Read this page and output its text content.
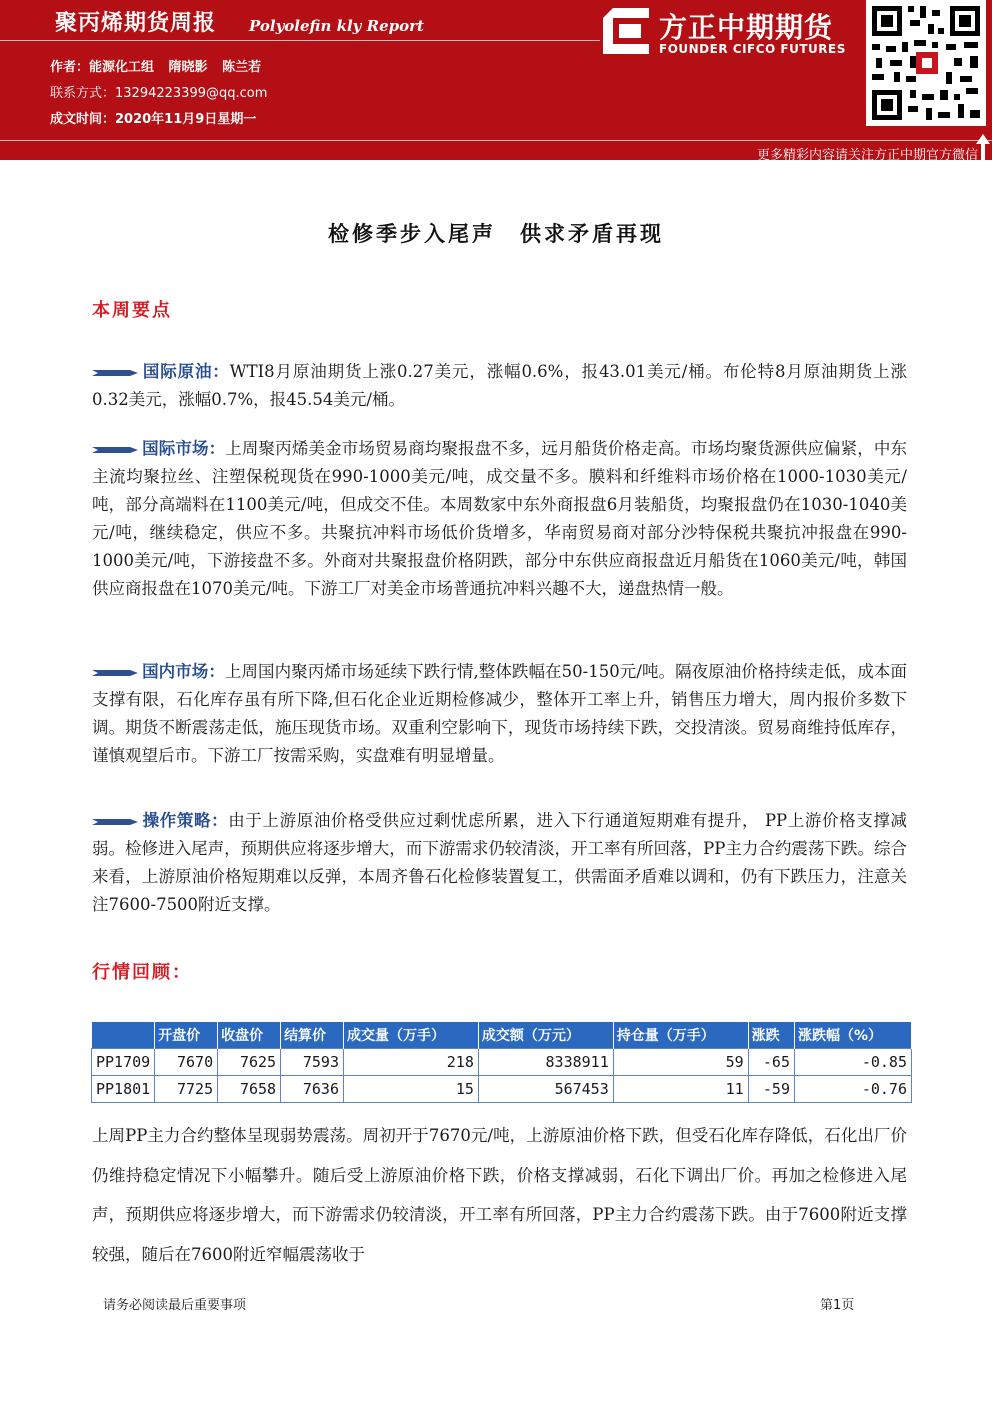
聚丙烯期货周报 Polyolefin kly Report
作者：能源化工组 隋晓影 陈兰若
联系方式：13294223399@qq.com
成文时间：2020年11月9日星期一
方正中期期货
FOUNDER CIFCO FUTURES
更多精彩内容请关注方正中期官方微信
检修季步入尾声　供求矛盾再现
本周要点
国际原油：WTI8月原油期货上涨0.27美元，涨幅0.6%，报43.01美元/桶。布伦特8月原油期货上涨0.32美元，涨幅0.7%，报45.54美元/桶。
国际市场：上周聚丙烯美金市场贸易商均聚报盘不多，远月船货价格走高。市场均聚货源供应偏紧，中东主流均聚拉丝、注塑保税现货在990-1000美元/吨，成交量不多。膜料和纤维料市场价格在1000-1030美元/吨，部分高端料在1100美元/吨，但成交不佳。本周数家中东外商报盘6月装船货，均聚报盘仍在1030-1040美元/吨，继续稳定，供应不多。共聚抗冲料市场低价货增多，华南贸易商对部分沙特保税共聚抗冲报盘在990-1000美元/吨，下游接盘不多。外商对共聚报盘价格阴跌，部分中东供应商报盘近月船货在1060美元/吨，韩国供应商报盘在1070美元/吨。下游工厂对美金市场普通抗冲料兴趣不大，递盘热情一般。
国内市场：上周国内聚丙烯市场延续下跌行情,整体跌幅在50-150元/吨。隔夜原油价格持续走低，成本面支撑有限，石化库存虽有所下降,但石化企业近期检修减少，整体开工率上升，销售压力增大，周内报价多数下调。期货不断震荡走低，施压现货市场。双重利空影响下，现货市场持续下跌，交投清淡。贸易商维持低库存，谨慎观望后市。下游工厂按需采购，实盘难有明显增量。
操作策略：由于上游原油价格受供应过剩忧虑所累，进入下行通道短期难有提升， PP上游价格支撑减弱。检修进入尾声，预期供应将逐步增大，而下游需求仍较清淡，开工率有所回落，PP主力合约震荡下跌。综合来看，上游原油价格短期难以反弹，本周齐鲁石化检修装置复工，供需面矛盾难以调和，仍有下跌压力，注意关注7600-7500附近支撑。
行情回顾：
	开盘价	收盘价	结算价	成交量（万手）	成交额（万元）	持仓量（万手）	涨跌	涨跌幅（%）
PP1709	7670	7625	7593	218	8338911	59	-65	-0.85
PP1801	7725	7658	7636	15	567453	11	-59	-0.76
上周PP主力合约整体呈现弱势震荡。周初开于7670元/吨，上游原油价格下跌，但受石化库存降低，石化出厂价仍维持稳定情况下小幅攀升。随后受上游原油价格下跌，价格支撑减弱，石化下调出厂价。再加之检修进入尾声，预期供应将逐步增大，而下游需求仍较清淡，开工率有所回落，PP主力合约震荡下跌。由于7600附近支撑较强，随后在7600附近窄幅震荡收于
请务必阅读最后重要事项	第1页
